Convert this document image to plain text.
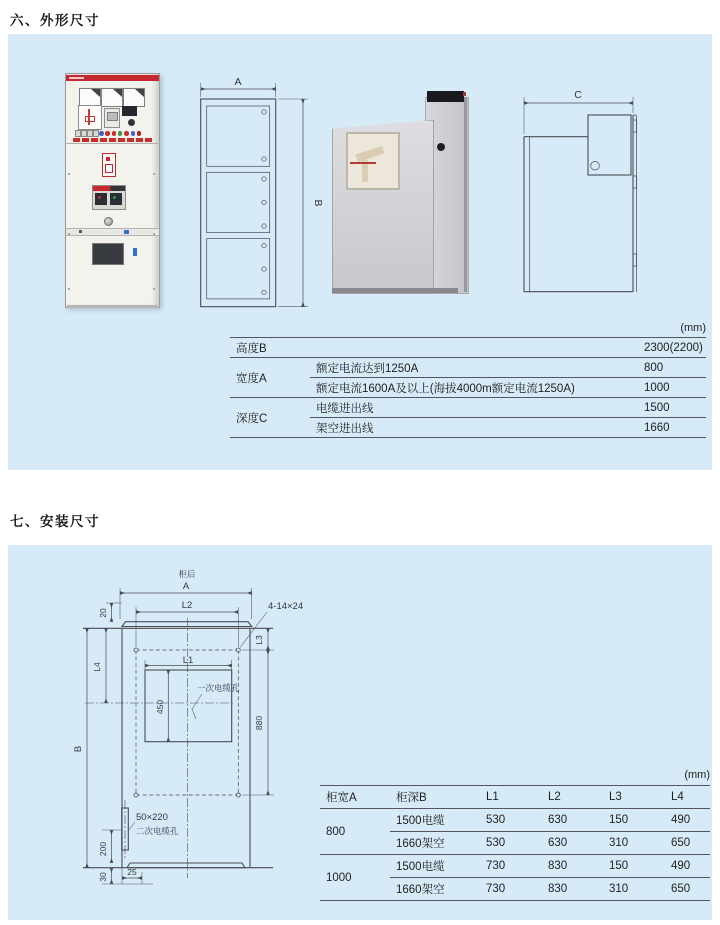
六、外形尺寸
A
B
C
(mm)
高度B		2300(2200)
宽度A	额定电流达到1250A	800
	额定电流1600A及以上(海拔4000m额定电流1250A)	1000
深度C	电缆进出线	1500
	架空进出线	1660
七、安装尺寸
柜后
A
L2
20
4-14×24
L3
L4
B
L1
450
一次电缆孔
880
50×220
二次电缆孔
200
30 25
(mm)
柜宽A	柜深B	L1	L2	L3	L4
800	1500电缆	530	630	150	490
	1660架空	530	630	310	650
1000	1500电缆	730	830	150	490
	1660架空	730	830	310	650
